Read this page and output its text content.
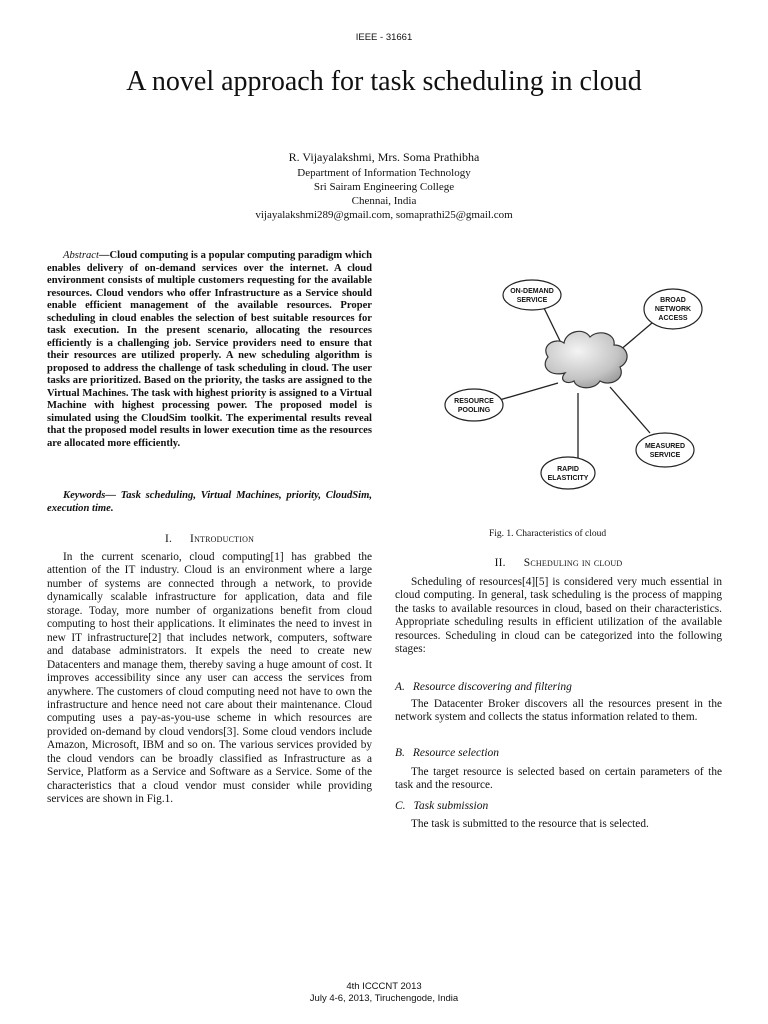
IEEE - 31661
A novel approach for task scheduling in cloud
R. Vijayalakshmi, Mrs. Soma Prathibha
Department of Information Technology
Sri Sairam Engineering College
Chennai, India
vijayalakshmi289@gmail.com, somaprathi25@gmail.com

Abstract—Cloud computing is a popular computing paradigm which enables delivery of on-demand services over the internet. A cloud environment consists of multiple customers requesting for the available resources. Cloud vendors who offer Infrastructure as a Service should enable efficient management of the available resources. Proper scheduling in cloud enables the selection of best suitable resources for task execution. In the present scenario, allocating the resources efficiently is a challenging job. Service providers need to ensure that their resources are utilized properly. A new scheduling algorithm is proposed to address the challenge of task scheduling in cloud. The user tasks are prioritized. Based on the priority, the tasks are assigned to the Virtual Machines. The task with highest priority is assigned to a Virtual Machine with highest processing power. The proposed model is simulated using the CloudSim toolkit. The experimental results reveal that the proposed model results in lower execution time as the resources are allocated more efficiently.

Keywords— Task scheduling, Virtual Machines, priority, CloudSim, execution time.

I. Introduction

In the current scenario, cloud computing[1] has grabbed the attention of the IT industry. Cloud is an environment where a large number of systems are connected through a network, to provide dynamically scalable infrastructure for application, data and file storage. Today, more number of organizations benefit from cloud computing to host their applications. It eliminates the need to invest in new IT infrastructure[2] that includes network, computers, software and database administrators. It expels the need to create new Datacenters and manage them, thereby saving a huge amount of cost. It improves accessibility since any user can access the services from anywhere. The customers of cloud computing need not have to own the infrastructure and hence need not care about their maintenance. Cloud computing uses a pay-as-you-use scheme in which resources are provided on-demand by cloud vendors[3]. Some cloud vendors include Amazon, Microsoft, IBM and so on. The various services provided by the cloud vendors can be broadly classified as Infrastructure as a Service, Platform as a Service and Software as a Service. Some of the characteristics that a cloud vendor must consider while providing services are shown in Fig.1.

ON-DEMAND
SERVICE	BROAD
NETWORK
ACCESS
RESOURCE
POOLING
MEASURED
SERVICE
RAPID
ELASTICITY
Fig. 1. Characteristics of cloud
II. Scheduling in cloud

Scheduling of resources[4][5] is considered very much essential in cloud computing. In general, task scheduling is the process of mapping the tasks to available resources in cloud, based on their characteristics. Appropriate scheduling results in efficient utilization of the available resources. Scheduling in cloud can be categorized into the following stages:

A. Resource discovering and filtering

The Datacenter Broker discovers all the resources present in the network system and collects the status information related to them.

B. Resource selection

The target resource is selected based on certain parameters of the task and the resource.

C. Task submission

The task is submitted to the resource that is selected.

4th ICCCNT 2013
July 4-6, 2013, Tiruchengode, India
